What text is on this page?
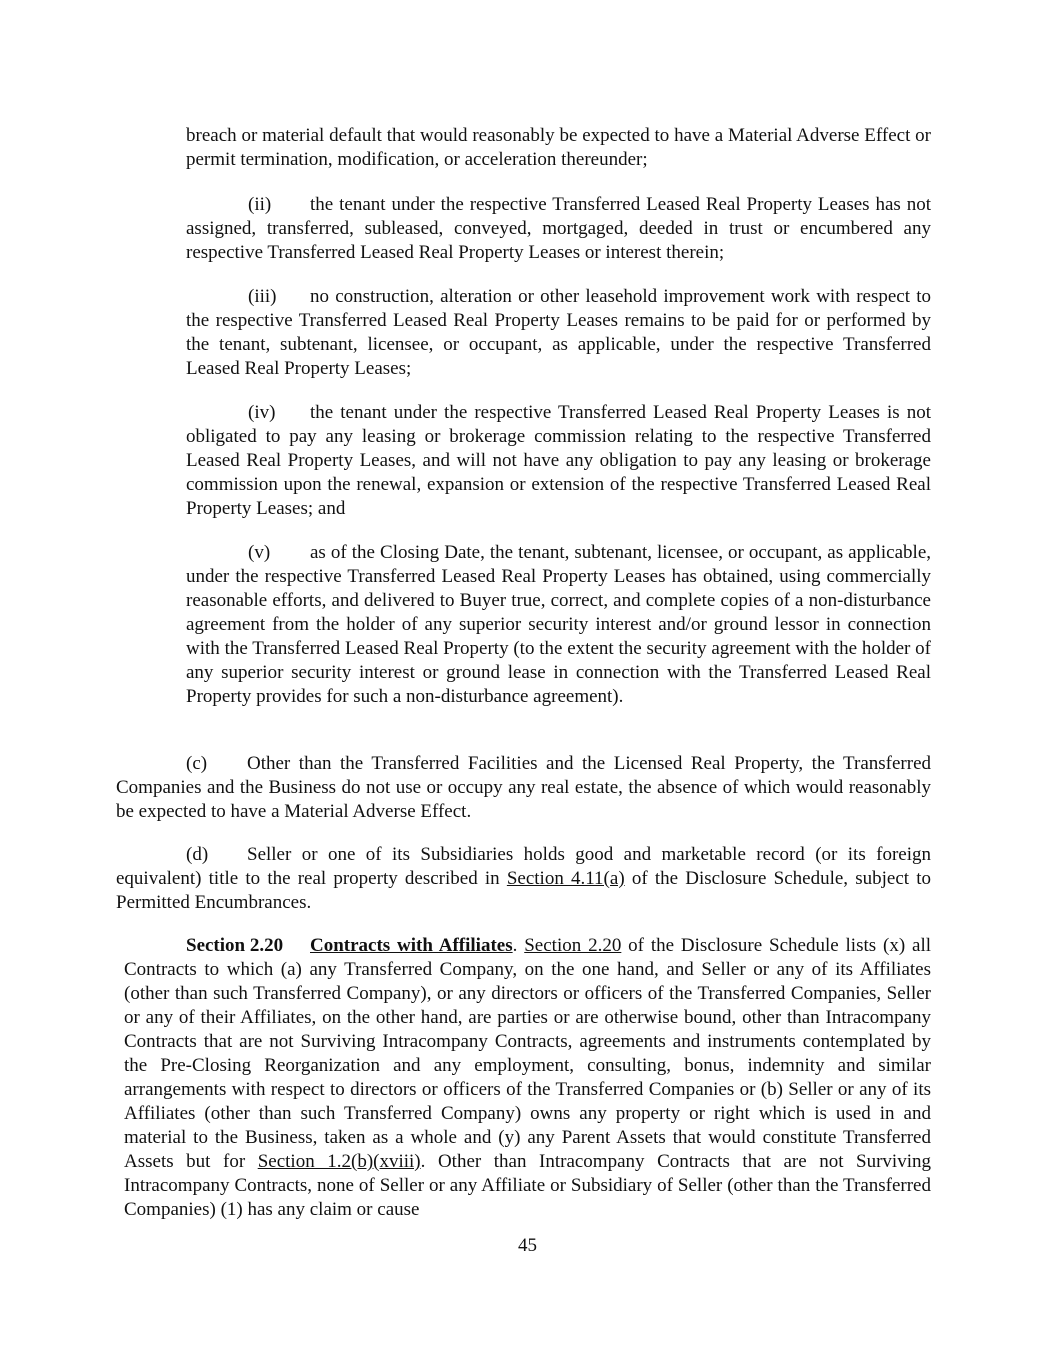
breach or material default that would reasonably be expected to have a Material Adverse Effect or permit termination, modification, or acceleration thereunder;

(ii) the tenant under the respective Transferred Leased Real Property Leases has not assigned, transferred, subleased, conveyed, mortgaged, deeded in trust or encumbered any respective Transferred Leased Real Property Leases or interest therein;

(iii) no construction, alteration or other leasehold improvement work with respect to the respective Transferred Leased Real Property Leases remains to be paid for or performed by the tenant, subtenant, licensee, or occupant, as applicable, under the respective Transferred Leased Real Property Leases;

(iv) the tenant under the respective Transferred Leased Real Property Leases is not obligated to pay any leasing or brokerage commission relating to the respective Transferred Leased Real Property Leases, and will not have any obligation to pay any leasing or brokerage commission upon the renewal, expansion or extension of the respective Transferred Leased Real Property Leases; and

(v) as of the Closing Date, the tenant, subtenant, licensee, or occupant, as applicable, under the respective Transferred Leased Real Property Leases has obtained, using commercially reasonable efforts, and delivered to Buyer true, correct, and complete copies of a non-disturbance agreement from the holder of any superior security interest and/or ground lessor in connection with the Transferred Leased Real Property (to the extent the security agreement with the holder of any superior security interest or ground lease in connection with the Transferred Leased Real Property provides for such a non-disturbance agreement).

(c) Other than the Transferred Facilities and the Licensed Real Property, the Transferred Companies and the Business do not use or occupy any real estate, the absence of which would reasonably be expected to have a Material Adverse Effect.

(d) Seller or one of its Subsidiaries holds good and marketable record (or its foreign equivalent) title to the real property described in Section 4.11(a) of the Disclosure Schedule, subject to Permitted Encumbrances.

Section 2.20 Contracts with Affiliates. Section 2.20 of the Disclosure Schedule lists (x) all Contracts to which (a) any Transferred Company, on the one hand, and Seller or any of its Affiliates (other than such Transferred Company), or any directors or officers of the Transferred Companies, Seller or any of their Affiliates, on the other hand, are parties or are otherwise bound, other than Intracompany Contracts that are not Surviving Intracompany Contracts, agreements and instruments contemplated by the Pre-Closing Reorganization and any employment, consulting, bonus, indemnity and similar arrangements with respect to directors or officers of the Transferred Companies or (b) Seller or any of its Affiliates (other than such Transferred Company) owns any property or right which is used in and material to the Business, taken as a whole and (y) any Parent Assets that would constitute Transferred Assets but for Section 1.2(b)(xviii). Other than Intracompany Contracts that are not Surviving Intracompany Contracts, none of Seller or any Affiliate or Subsidiary of Seller (other than the Transferred Companies) (1) has any claim or cause

45
